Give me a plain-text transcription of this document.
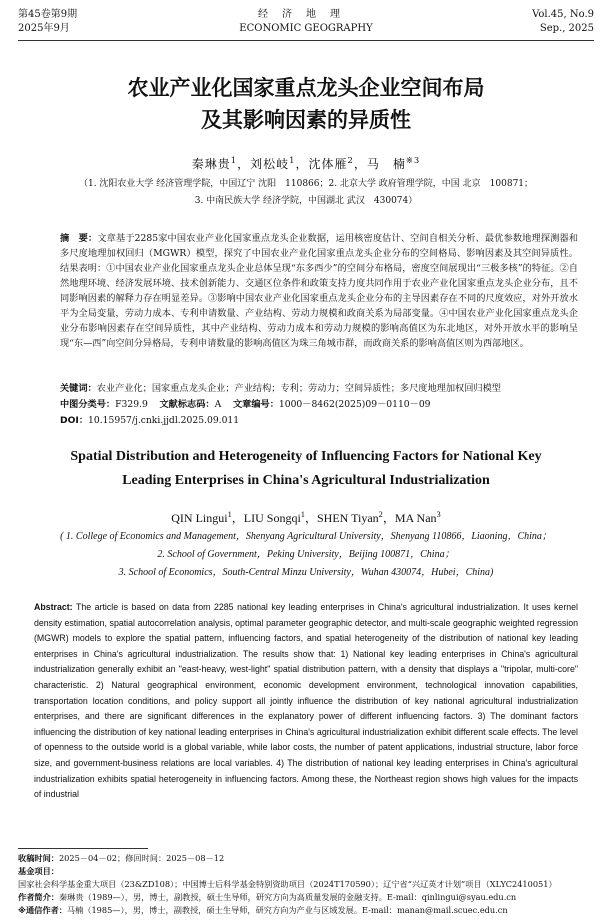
第45卷第9期
2025年9月
经济地理
ECONOMIC GEOGRAPHY
Vol.45, No.9
Sep., 2025
农业产业化国家重点龙头企业空间布局
及其影响因素的异质性
秦琳贵$^1$，刘松岐$^1$，沈体雁$^2$，马　楠$^{※3}$
（1. 沈阳农业大学 经济管理学院，中国辽宁 沈阳　110866；2. 北京大学 政府管理学院，中国 北京　100871；
3. 中南民族大学 经济学院，中国湖北 武汉　430074）
摘　要：文章基于2285家中国农业产业化国家重点龙头企业数据，运用核密度估计、空间自相关分析、最优参数地理探测器和多尺度地理加权回归（MGWR）模型，探究了中国农业产业化国家重点龙头企业分布的空间格局、影响因素及其空间异质性。结果表明：①中国农业产业化国家重点龙头企业总体呈现“东多西少”的空间分布格局，密度空间展现出“三极多核”的特征。②自然地理环境、经济发展环境、技术创新能力、交通区位条件和政策支持力度共同作用于农业产业化国家重点龙头企业分布，且不同影响因素的解释力存在明显差异。③影响中国农业产业化国家重点龙头企业分布的主导因素存在不同的尺度效应，对外开放水平为全局变量，劳动力成本、专利申请数量、产业结构、劳动力规模和政商关系为局部变量。④中国农业产业化国家重点龙头企业分布影响因素存在空间异质性，其中产业结构、劳动力成本和劳动力规模的影响高值区为东北地区，对外开放水平的影响呈现“东—西”向空间分异格局，专利申请数量的影响高值区为珠三角城市群，而政商关系的影响高值区则为西部地区。
关键词：农业产业化；国家重点龙头企业；产业结构；专利；劳动力；空间异质性；多尺度地理加权回归模型
中图分类号：F329.9 文献标志码：A 文章编号：1000－8462(2025)09－0110－09
DOI：10.15957/j.cnki.jjdl.2025.09.011
Spatial Distribution and Heterogeneity of Influencing Factors for National Key
Leading Enterprises in China's Agricultural Industrialization
QIN Lingui$^1$，LIU Songqi$^1$，SHEN Tiyan$^2$，MA Nan$^3$
( 1. College of Economics and Management，Shenyang Agricultural University，Shenyang 110866，Liaoning，China；
2. School of Government，Peking University，Beijing 100871，China；
3. School of Economics，South-Central Minzu University，Wuhan 430074，Hubei，China)
Abstract: The article is based on data from 2285 national key leading enterprises in China's agricultural industrialization. It uses kernel density estimation, spatial autocorrelation analysis, optimal parameter geographic detector, and multi-scale geographic weighted regression (MGWR) models to explore the spatial pattern, influencing factors, and spatial heterogeneity of the distribution of national key leading enterprises in China's agricultural industrialization. The results show that: 1) National key leading enterprises in China's agricultural industrialization generally exhibit an "east-heavy, west-light" spatial distribution pattern, with a density that displays a "tripolar, multi-core" characteristic. 2) Natural geographical environment, economic development environment, technological innovation capabilities, transportation location conditions, and policy support all jointly influence the distribution of key national agricultural industrialization enterprises, and there are significant differences in the explanatory power of different influencing factors. 3) The dominant factors influencing the distribution of key national leading enterprises in China's agricultural industrialization exhibit different scale effects. The level of openness to the outside world is a global variable, while labor costs, the number of patent applications, industrial structure, labor force size, and government-business relations are local variables. 4) The distribution of national key leading enterprises in China's agricultural industrialization exhibits spatial heterogeneity in influencing factors. Among these, the Northeast region shows high values for the impacts of industrial
收稿时间：2025－04－02；修回时间：2025－08－12
基金项目：国家社会科学基金重大项目（23&ZD108）；中国博士后科学基金特别资助项目（2024T170590）；辽宁省“兴辽英才计划”项目（XLYC2410051）
作者简介：秦琳贵（1989—），男，博士，副教授，硕士生导师，研究方向为高质量发展的金融支持。E-mail：qinlingui@syau.edu.cn
※通信作者：马楠（1985—），男，博士，副教授，硕士生导师，研究方向为产业与区域发展。E-mail：manan@mail.scuec.edu.cn
